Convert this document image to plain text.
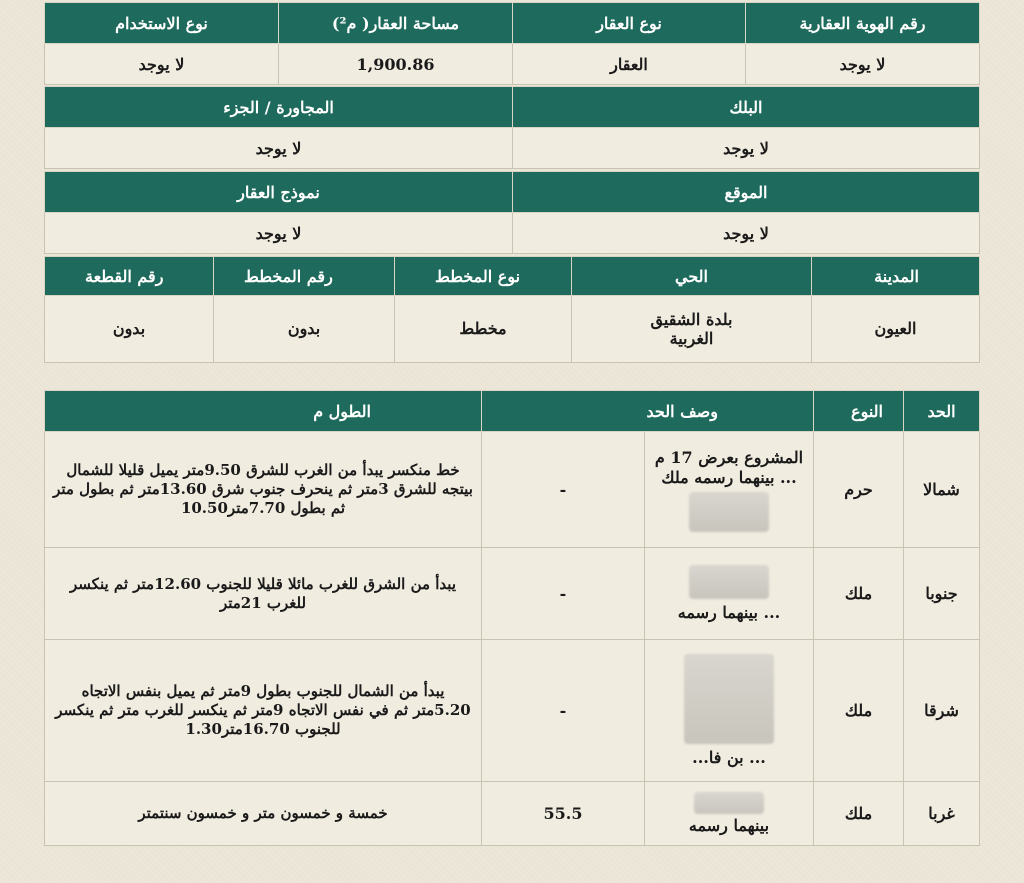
رقم الهوية العقارية	نوع العقار	مساحة العقار( م²)	نوع الاستخدام
لا يوجد	العقار	1,900.86	لا يوجد
البلك	المجاورة / الجزء
لا يوجد	لا يوجد
الموقع	نموذج العقار
لا يوجد	لا يوجد
المدينة	الحي	نوع المخطط	رقم المخطط	رقم القطعة
العيون	بلدة الشقيق الغربية	مخطط	بدون	بدون
الحد	النوع	وصف الحد		الطول م
شمالا	حرم	المشروع بعرض 17 م ... بينهما رسمه ملك	-	خط منكسر يبدأ من الغرب للشرق 9.50متر يميل قليلا للشمال بيتجه للشرق 3متر ثم ينحرف جنوب شرق 13.60متر ثم بطول متر ثم بطول 7.70متر10.50
جنوبا	ملك	... بينهما رسمه	-	يبدأ من الشرق للغرب مائلا قليلا للجنوب 12.60متر ثم ينكسر للغرب 21متر
شرقا	ملك	... بن فا...	-	يبدأ من الشمال للجنوب بطول 9متر ثم يميل بنفس الاتجاه 5.20متر ثم في نفس الاتجاه 9متر ثم ينكسر للغرب متر ثم ينكسر للجنوب 16.70متر1.30
غربا	ملك	بينهما رسمه	55.5	خمسة و خمسون متر و خمسون سنتمتر
